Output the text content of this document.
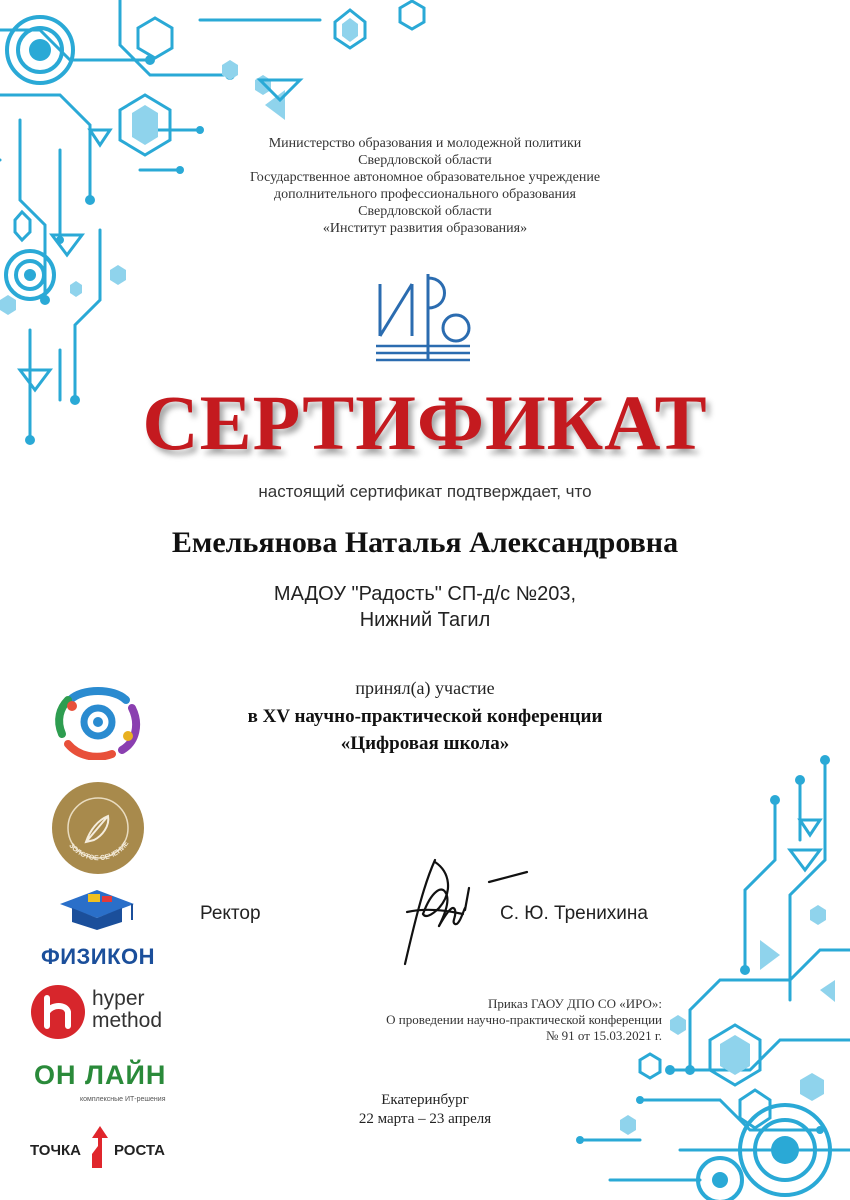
Министерство образования и молодежной политики
Свердловской области
Государственное автономное образовательное учреждение
дополнительного профессионального образования
Свердловской области
«Институт развития образования»
СЕРТИФИКАТ
настоящий сертификат подтверждает, что
Емельянова Наталья Александровна
МАДОУ "Радость" СП-д/с №203,
Нижний Тагил
принял(а) участие
в XV научно-практической конференции
«Цифровая школа»
ЗОЛОТОЕ СЕЧЕНИЕ
ФИЗИКОН
hyper
method
ОН ЛАЙН
комплексные ИТ-решения
ТОЧКА РОСТА
Ректор	С. Ю. Тренихина
Приказ ГАОУ ДПО СО «ИРО»:
О проведении научно-практической конференции
№ 91 от 15.03.2021 г.
Екатеринбург
22 марта – 23 апреля
